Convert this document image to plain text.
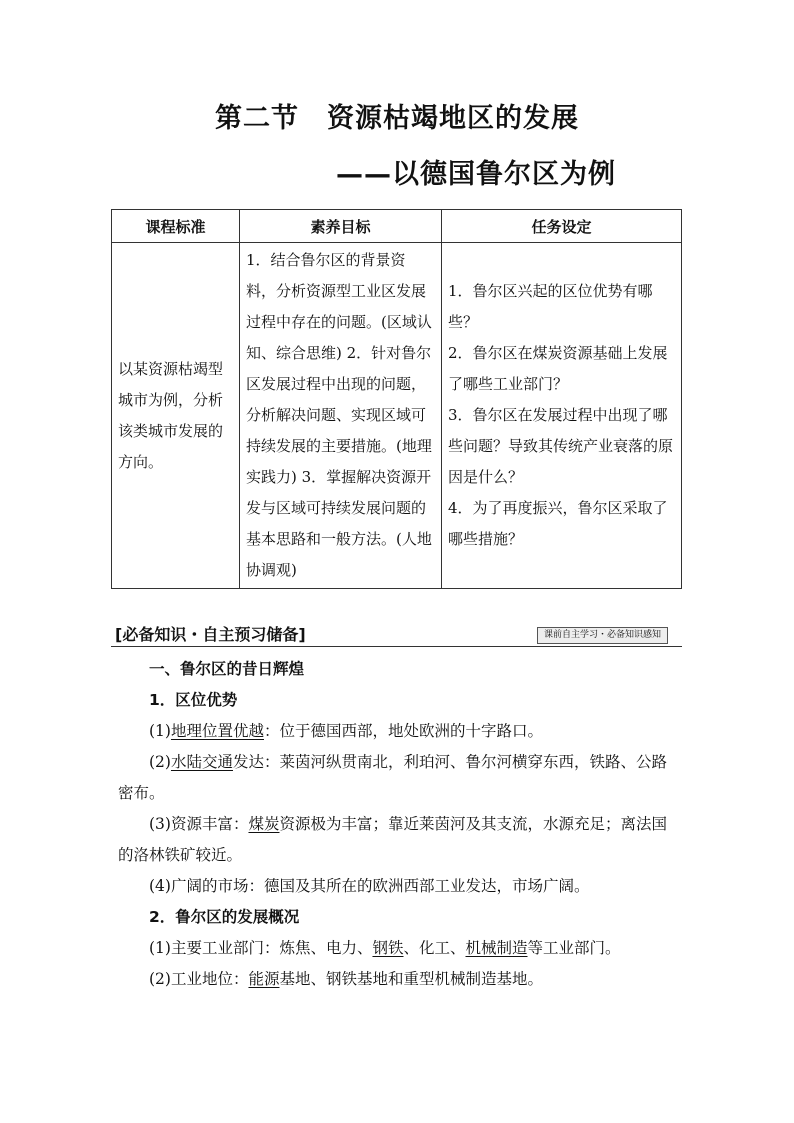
第二节　资源枯竭地区的发展
——以德国鲁尔区为例
课程标准	素养目标	任务设定
以某资源枯竭型城市为例，分析该类城市发展的方向。	1．结合鲁尔区的背景资料，分析资源型工业区发展过程中存在的问题。(区域认知、综合思维) 2．针对鲁尔区发展过程中出现的问题，分析解决问题、实现区域可持续发展的主要措施。(地理实践力) 3．掌握解决资源开发与区域可持续发展问题的基本思路和一般方法。(人地协调观)	1．鲁尔区兴起的区位优势有哪些？

2．鲁尔区在煤炭资源基础上发展了哪些工业部门？

3．鲁尔区在发展过程中出现了哪些问题？导致其传统产业衰落的原因是什么？

4．为了再度振兴，鲁尔区采取了哪些措施？

[必备知识・自主预习储备]	课前自主学习・必备知识感知

一、鲁尔区的昔日辉煌

1．区位优势

(1)地理位置优越：位于德国西部，地处欧洲的十字路口。

(2)水陆交通发达：莱茵河纵贯南北，利珀河、鲁尔河横穿东西，铁路、公路密布。

(3)资源丰富：煤炭资源极为丰富；靠近莱茵河及其支流，水源充足；离法国的洛林铁矿较近。

(4)广阔的市场：德国及其所在的欧洲西部工业发达，市场广阔。

2．鲁尔区的发展概况

(1)主要工业部门：炼焦、电力、钢铁、化工、机械制造等工业部门。

(2)工业地位：能源基地、钢铁基地和重型机械制造基地。
